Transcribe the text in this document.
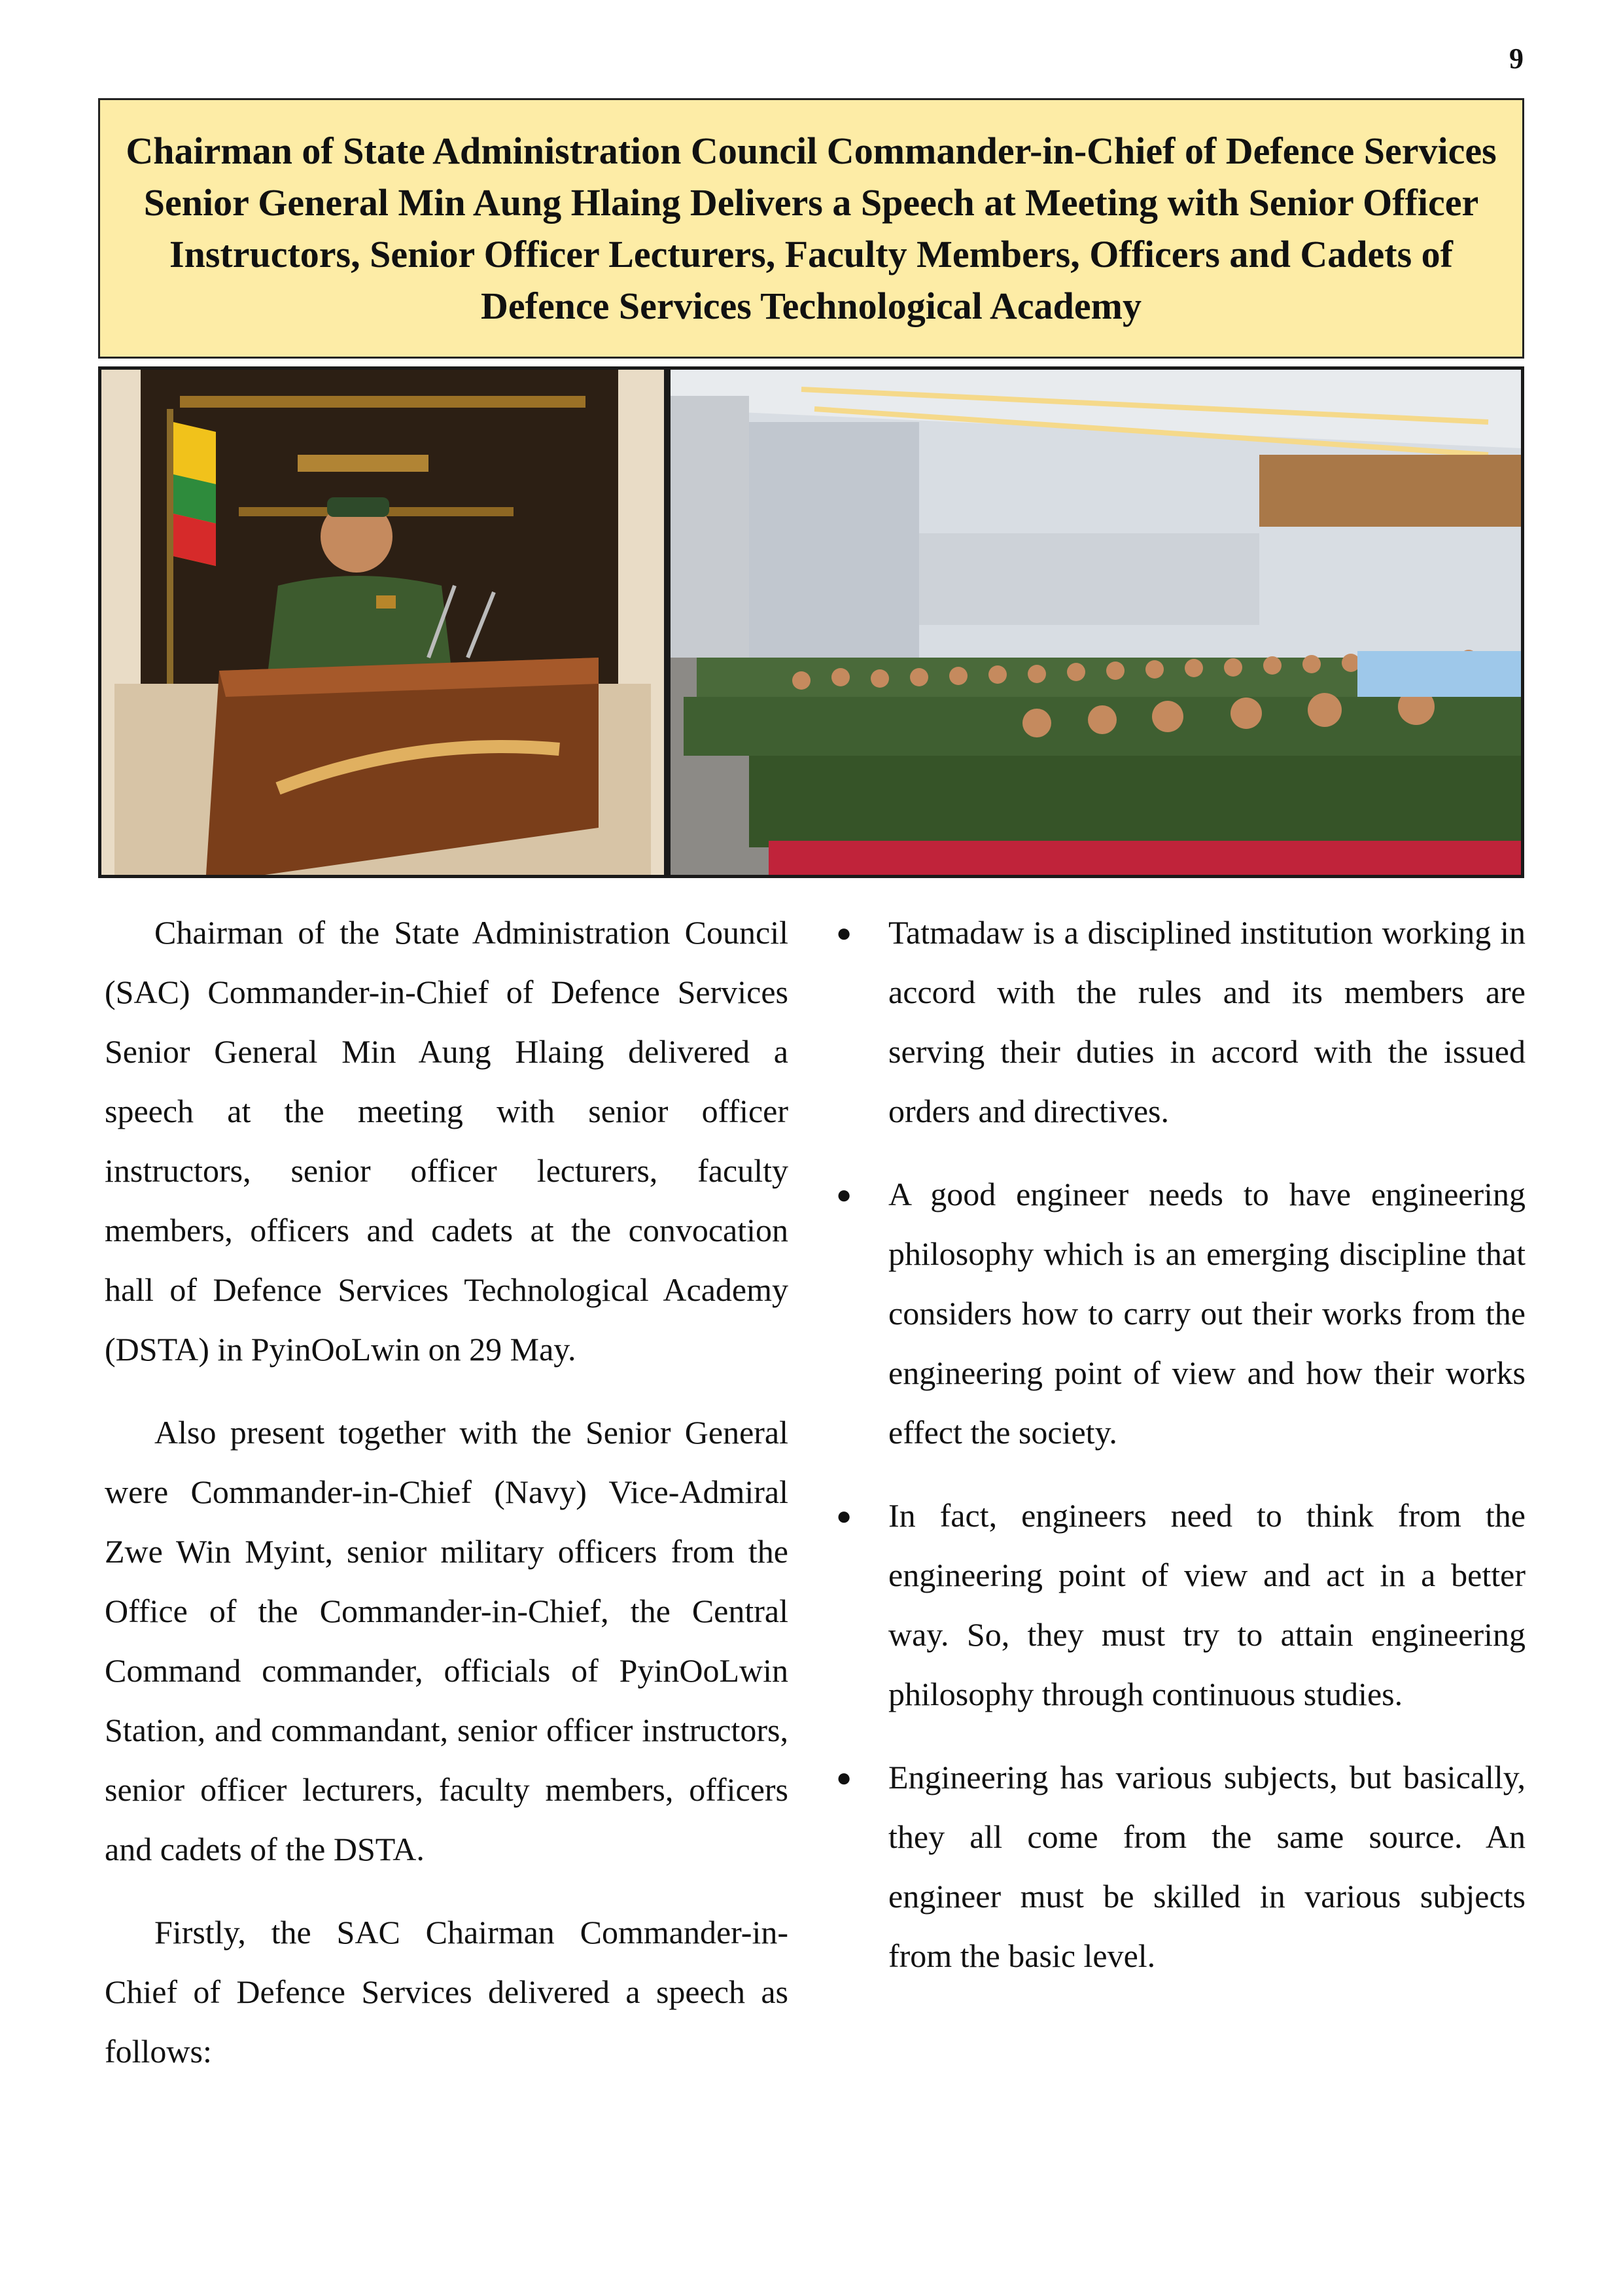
9
Chairman of State Administration Council Commander-in-Chief of Defence Services Senior General Min Aung Hlaing Delivers a Speech at Meeting with Senior Officer Instructors, Senior Officer Lecturers, Faculty Members, Officers and Cadets of Defence Services Technological Academy

Chairman of the State Administration Council (SAC) Commander-in-Chief of Defence Services Senior General Min Aung Hlaing delivered a speech at the meeting with senior officer instructors, senior officer lecturers, faculty members, officers and cadets at the convocation hall of Defence Services Technological Academy (DSTA) in PyinOoLwin on 29 May.

Also present together with the Senior General were Commander-in-Chief (Navy) Vice-Admiral Zwe Win Myint, senior military officers from the Office of the Commander-in-Chief, the Central Command commander, officials of PyinOoLwin Station, and commandant, senior officer instructors, senior officer lecturers, faculty members, officers and cadets of the DSTA.

Firstly, the SAC Chairman Commander-in-Chief of Defence Services delivered a speech as follows:

● Tatmadaw is a disciplined institution working in accord with the rules and its members are serving their duties in accord with the issued orders and directives.
● A good engineer needs to have engineering philosophy which is an emerging discipline that considers how to carry out their works from the engineering point of view and how their works effect the society.
● In fact, engineers need to think from the engineering point of view and act in a better way. So, they must try to attain engineering philosophy through continuous studies.
● Engineering has various subjects, but basically, they all come from the same source. An engineer must be skilled in various subjects from the basic level.
